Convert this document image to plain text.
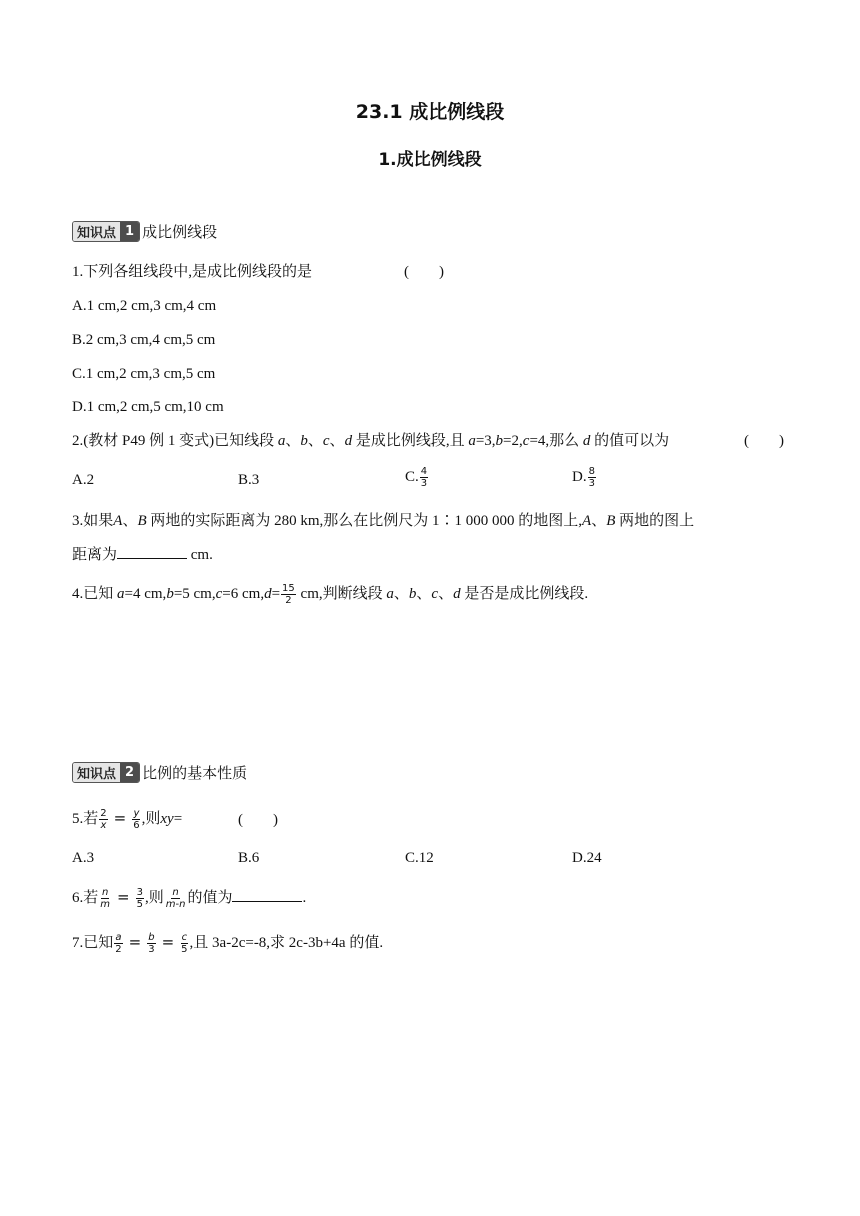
23.1 成比例线段
1.成比例线段
知识点 1 成比例线段
1.下列各组线段中,是成比例线段的是	(　　)
A.1 cm,2 cm,3 cm,4 cm
B.2 cm,3 cm,4 cm,5 cm
C.1 cm,2 cm,3 cm,5 cm
D.1 cm,2 cm,5 cm,10 cm
2.(教材 P49 例 1 变式)已知线段 a、b、c、d 是成比例线段,且 a=3,b=2,c=4,那么 d 的值可以为	(　　)
A.2	B.3	C. $\frac{4}{3}$	D. $\frac{8}{3}$
3.如果A、B 两地的实际距离为 280 km,那么在比例尺为 1∶1 000 000 的地图上,A、B 两地的图上
距离为	cm.
4.已知 a=4 cm,b=5 cm,c=6 $cm,d= \frac{15}{2}$ cm,判断线段 a、b、c、d 是否是成比例线段.
知识点 2 比例的基本性质
5.若 $\frac{2}{x} = \frac{y}{6}$ ,则xy=	(　　)
A.3	B.6	C.12	D.24
6.若 $\frac{n}{m} = \frac{3}{5}$ ,则 $\frac{n}{m-n}$ 的值为	.
7.已知 $\frac{a}{2} = \frac{b}{3} = \frac{c}{5}$ ,且 3a-2c=-8,求 2c-3b+4a 的值.
